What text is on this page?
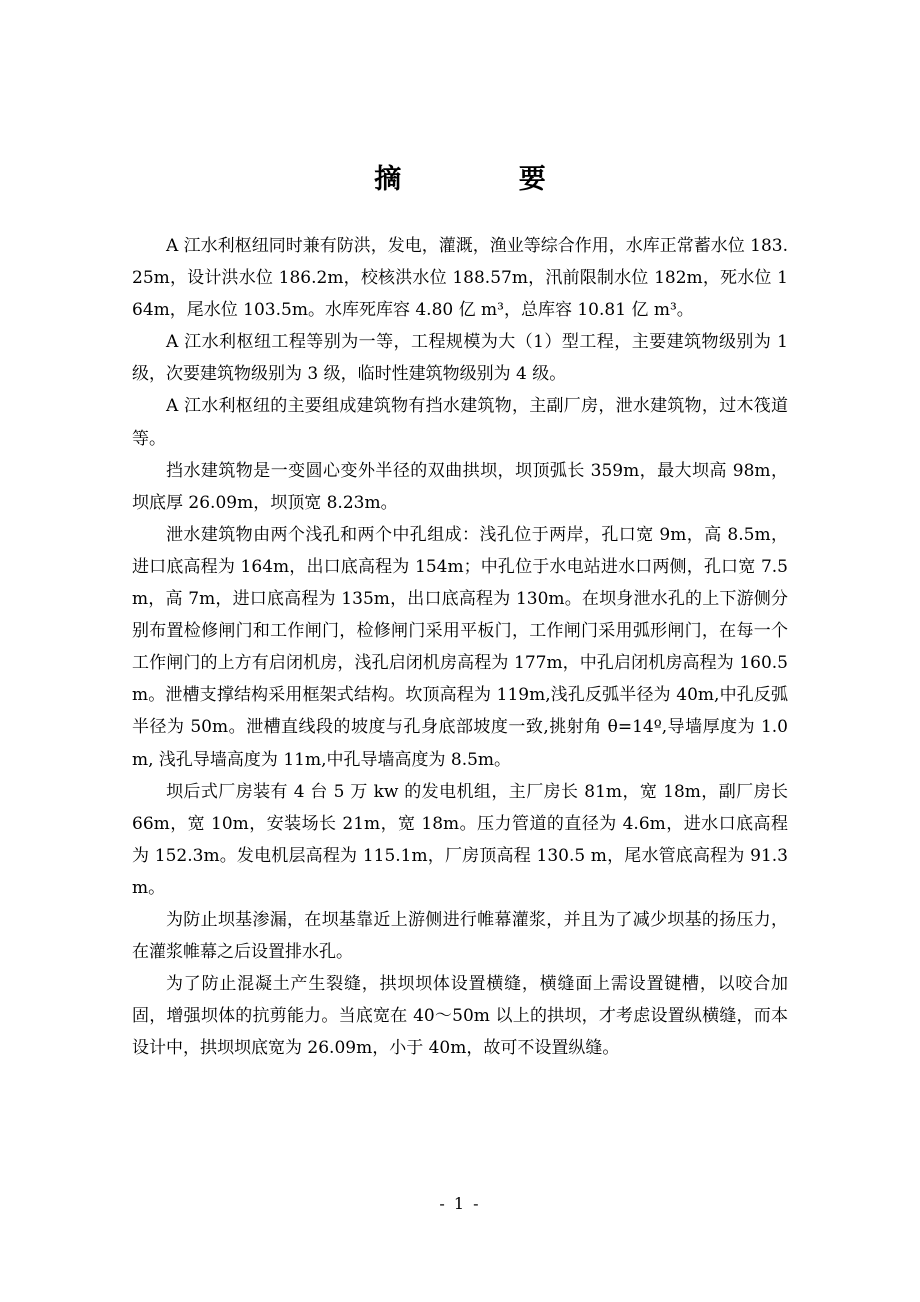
摘 要

A 江水利枢纽同时兼有防洪，发电，灌溉，渔业等综合作用，水库正常蓄水位 183.25m，设计洪水位 186.2m，校核洪水位 188.57m，汛前限制水位 182m，死水位 164m，尾水位 103.5m。水库死库容 4.80 亿 m³，总库容 10.81 亿 m³。

A 江水利枢纽工程等别为一等，工程规模为大（1）型工程，主要建筑物级别为 1 级，次要建筑物级别为 3 级，临时性建筑物级别为 4 级。

A 江水利枢纽的主要组成建筑物有挡水建筑物，主副厂房，泄水建筑物，过木筏道等。

挡水建筑物是一变圆心变外半径的双曲拱坝，坝顶弧长 359m，最大坝高 98m，坝底厚 26.09m，坝顶宽 8.23m。

泄水建筑物由两个浅孔和两个中孔组成：浅孔位于两岸，孔口宽 9m，高 8.5m，进口底高程为 164m，出口底高程为 154m；中孔位于水电站进水口两侧，孔口宽 7.5m，高 7m，进口底高程为 135m，出口底高程为 130m。在坝身泄水孔的上下游侧分别布置检修闸门和工作闸门，检修闸门采用平板门，工作闸门采用弧形闸门，在每一个工作闸门的上方有启闭机房，浅孔启闭机房高程为 177m，中孔启闭机房高程为 160.5m。泄槽支撑结构采用框架式结构。坎顶高程为 119m,浅孔反弧半径为 40m,中孔反弧半径为 50m。泄槽直线段的坡度与孔身底部坡度一致,挑射角 θ=14º,导墙厚度为 1.0m, 浅孔导墙高度为 11m,中孔导墙高度为 8.5m。

坝后式厂房装有 4 台 5 万 kw 的发电机组，主厂房长 81m，宽 18m，副厂房长 66m，宽 10m，安装场长 21m，宽 18m。压力管道的直径为 4.6m，进水口底高程为 152.3m。发电机层高程为 115.1m，厂房顶高程 130.5 m，尾水管底高程为 91.3m。

为防止坝基渗漏，在坝基靠近上游侧进行帷幕灌浆，并且为了减少坝基的扬压力，在灌浆帷幕之后设置排水孔。

为了防止混凝土产生裂缝，拱坝坝体设置横缝，横缝面上需设置键槽，以咬合加固，增强坝体的抗剪能力。当底宽在 40～50m 以上的拱坝，才考虑设置纵横缝，而本设计中，拱坝坝底宽为 26.09m，小于 40m，故可不设置纵缝。

- 1 -
